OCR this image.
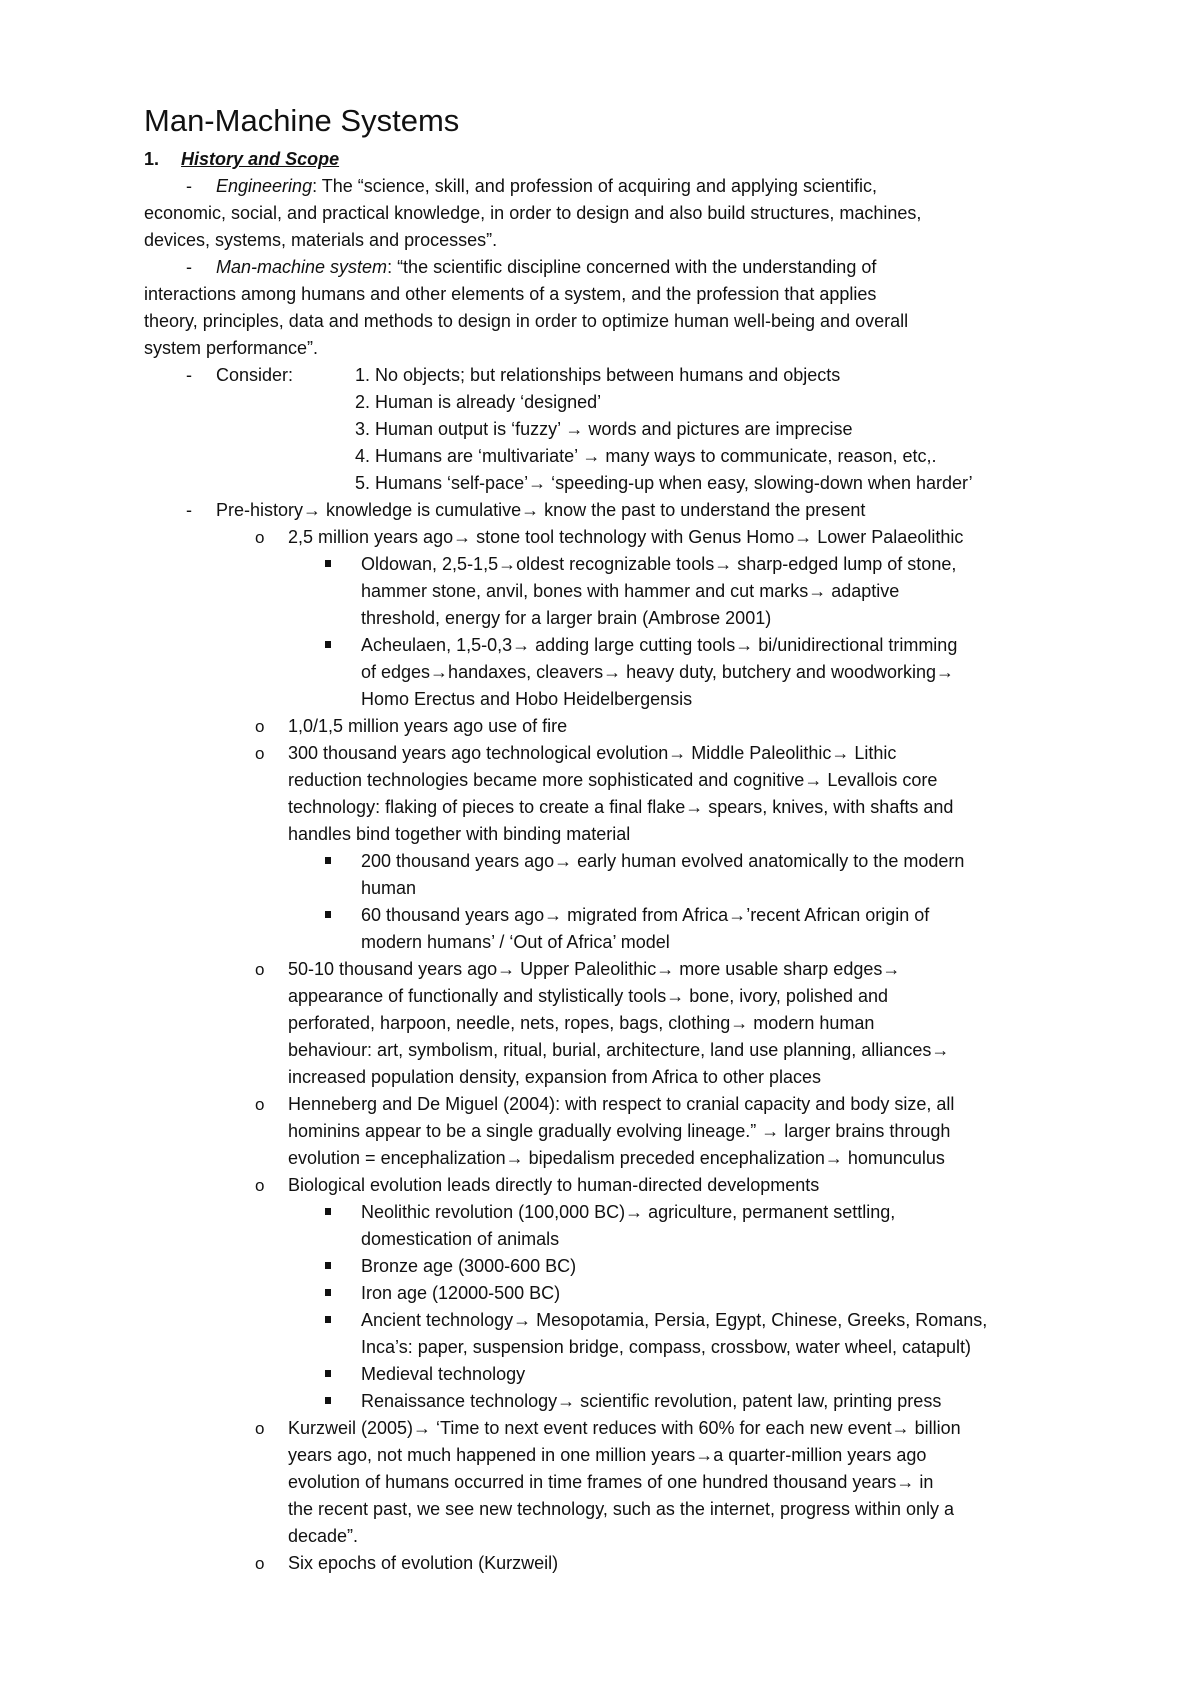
Man-Machine Systems
1. History and Scope
- Engineering: The “science, skill, and profession of acquiring and applying scientific,
economic, social, and practical knowledge, in order to design and also build structures, machines,
devices, systems, materials and processes”.
- Man-machine system: “the scientific discipline concerned with the understanding of
interactions among humans and other elements of a system, and the profession that applies
theory, principles, data and methods to design in order to optimize human well-being and overall
system performance”.
- Consider:	1. No objects; but relationships between humans and objects
2. Human is already ‘designed’
3. Human output is ‘fuzzy’ → words and pictures are imprecise
4. Humans are ‘multivariate’ → many ways to communicate, reason, etc,.
5. Humans ‘self-pace’→ ‘speeding-up when easy, slowing-down when harder’
- Pre-history→ knowledge is cumulative→ know the past to understand the present
o 2,5 million years ago→ stone tool technology with Genus Homo→ Lower Palaeolithic
Oldowan, 2,5-1,5→oldest recognizable tools→ sharp-edged lump of stone,
hammer stone, anvil, bones with hammer and cut marks→ adaptive
threshold, energy for a larger brain (Ambrose 2001)
Acheulaen, 1,5-0,3→ adding large cutting tools→ bi/unidirectional trimming
of edges→handaxes, cleavers→ heavy duty, butchery and woodworking→
Homo Erectus and Hobo Heidelbergensis
o 1,0/1,5 million years ago use of fire
o 300 thousand years ago technological evolution→ Middle Paleolithic→ Lithic
reduction technologies became more sophisticated and cognitive→ Levallois core
technology: flaking of pieces to create a final flake→ spears, knives, with shafts and
handles bind together with binding material
200 thousand years ago→ early human evolved anatomically to the modern
human
60 thousand years ago→ migrated from Africa→’recent African origin of
modern humans’ / ‘Out of Africa’ model
o 50-10 thousand years ago→ Upper Paleolithic→ more usable sharp edges→
appearance of functionally and stylistically tools→ bone, ivory, polished and
perforated, harpoon, needle, nets, ropes, bags, clothing→ modern human
behaviour: art, symbolism, ritual, burial, architecture, land use planning, alliances→
increased population density, expansion from Africa to other places
o Henneberg and De Miguel (2004): with respect to cranial capacity and body size, all
hominins appear to be a single gradually evolving lineage.” → larger brains through
evolution = encephalization→ bipedalism preceded encephalization→ homunculus
o Biological evolution leads directly to human-directed developments
Neolithic revolution (100,000 BC)→ agriculture, permanent settling,
domestication of animals
Bronze age (3000-600 BC)
Iron age (12000-500 BC)
Ancient technology→ Mesopotamia, Persia, Egypt, Chinese, Greeks, Romans,
Inca’s: paper, suspension bridge, compass, crossbow, water wheel, catapult)
Medieval technology
Renaissance technology→ scientific revolution, patent law, printing press
o Kurzweil (2005)→ ‘Time to next event reduces with 60% for each new event→ billion
years ago, not much happened in one million years→a quarter-million years ago
evolution of humans occurred in time frames of one hundred thousand years→ in
the recent past, we see new technology, such as the internet, progress within only a
decade”.
o Six epochs of evolution (Kurzweil)
